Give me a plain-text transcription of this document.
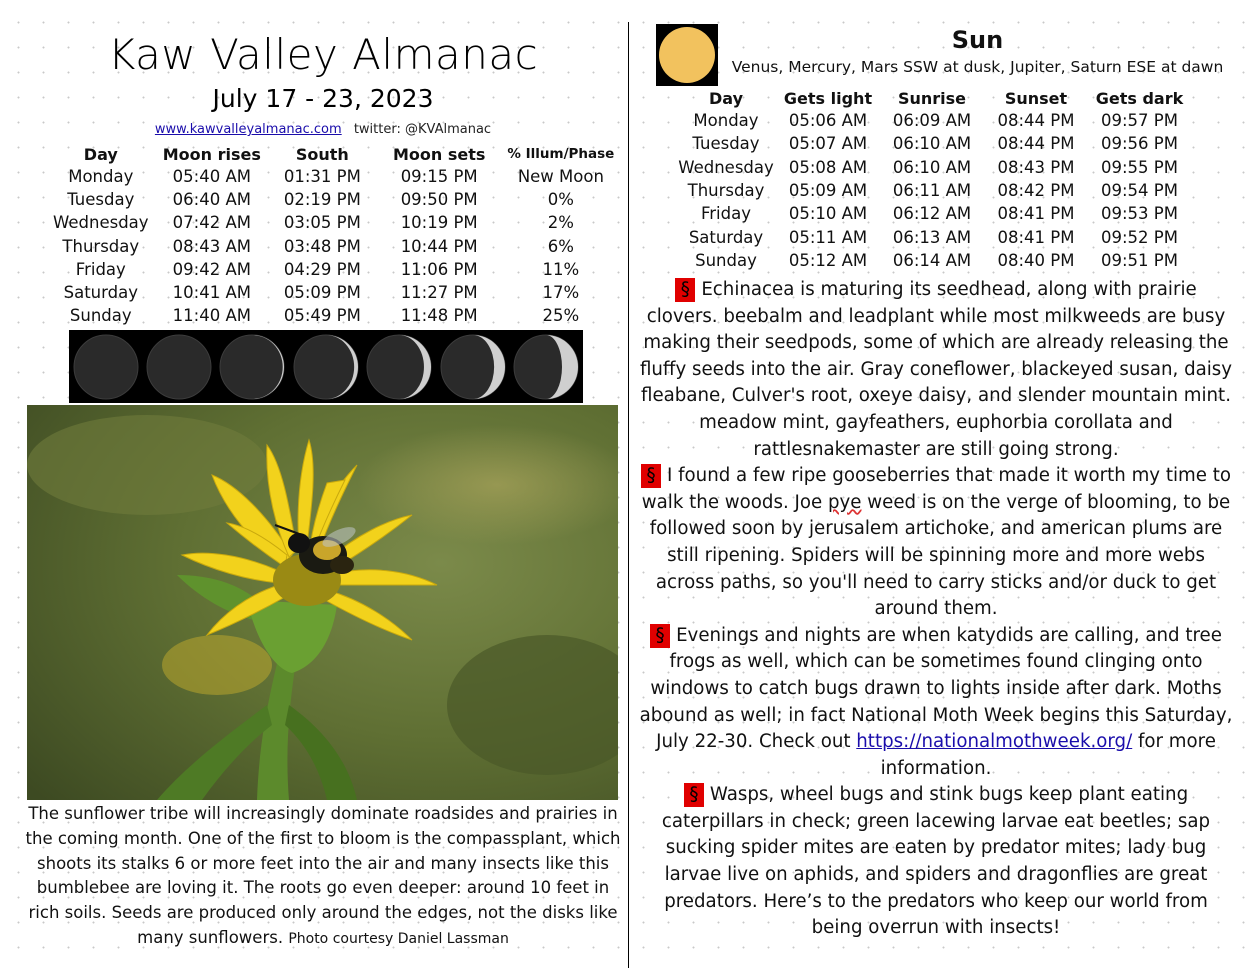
Kaw Valley Almanac
July 17 - 23, 2023
www.kawvalleyalmanac.com twitter: @KVAlmanac
Day	Moon rises	South	Moon sets	% Illum/Phase
Monday	05:40 AM	01:31 PM	09:15 PM	New Moon
Tuesday	06:40 AM	02:19 PM	09:50 PM	0%
Wednesday	07:42 AM	03:05 PM	10:19 PM	2%
Thursday	08:43 AM	03:48 PM	10:44 PM	6%
Friday	09:42 AM	04:29 PM	11:06 PM	11%
Saturday	10:41 AM	05:09 PM	11:27 PM	17%
Sunday	11:40 AM	05:49 PM	11:48 PM	25%
The sunflower tribe will increasingly dominate roadsides and prairies in the coming month. One of the first to bloom is the compassplant, which shoots its stalks 6 or more feet into the air and many insects like this bumblebee are loving it. The roots go even deeper: around 10 feet in rich soils. Seeds are produced only around the edges, not the disks like many sunflowers. Photo courtesy Daniel Lassman
Sun
Venus, Mercury, Mars SSW at dusk, Jupiter, Saturn ESE at dawn
Day	Gets light	Sunrise	Sunset	Gets dark
Monday	05:06 AM	06:09 AM	08:44 PM	09:57 PM
Tuesday	05:07 AM	06:10 AM	08:44 PM	09:56 PM
Wednesday	05:08 AM	06:10 AM	08:43 PM	09:55 PM
Thursday	05:09 AM	06:11 AM	08:42 PM	09:54 PM
Friday	05:10 AM	06:12 AM	08:41 PM	09:53 PM
Saturday	05:11 AM	06:13 AM	08:41 PM	09:52 PM
Sunday	05:12 AM	06:14 AM	08:40 PM	09:51 PM

§ Echinacea is maturing its seedhead, along with prairie clovers. beebalm and leadplant while most milkweeds are busy making their seedpods, some of which are already releasing the fluffy seeds into the air. Gray coneflower, blackeyed susan, daisy fleabane, Culver's root, oxeye daisy, and slender mountain mint. meadow mint, gayfeathers, euphorbia corollata and rattlesnakemaster are still going strong.

§ I found a few ripe gooseberries that made it worth my time to walk the woods. Joe pye weed is on the verge of blooming, to be followed soon by jerusalem artichoke, and american plums are still ripening. Spiders will be spinning more and more webs across paths, so you'll need to carry sticks and/or duck to get around them.

§ Evenings and nights are when katydids are calling, and tree frogs as well, which can be sometimes found clinging onto windows to catch bugs drawn to lights inside after dark. Moths abound as well; in fact National Moth Week begins this Saturday, July 22-30. Check out https://nationalmothweek.org/ for more information.

§ Wasps, wheel bugs and stink bugs keep plant eating caterpillars in check; green lacewing larvae eat beetles; sap sucking spider mites are eaten by predator mites; lady bug larvae live on aphids, and spiders and dragonflies are great predators. Here’s to the predators who keep our world from being overrun with insects!
